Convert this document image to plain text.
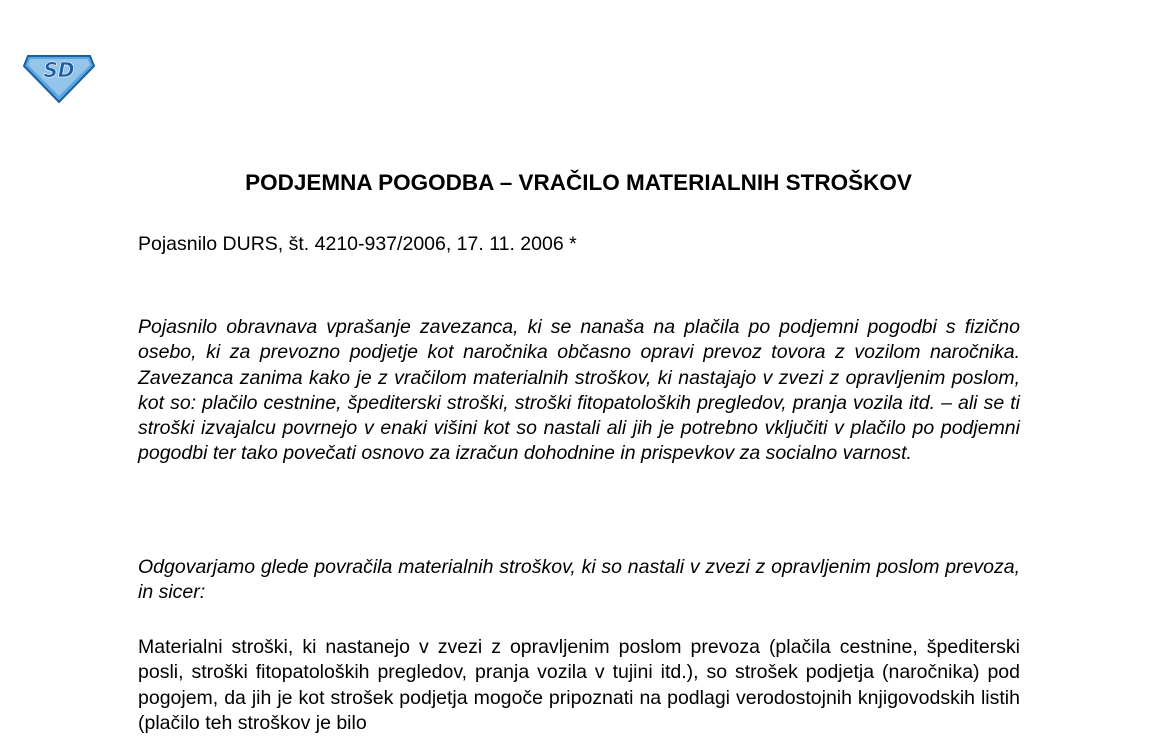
SD
PODJEMNA POGODBA – VRAČILO MATERIALNIH STROŠKOV

Pojasnilo DURS, št. 4210-937/2006, 17. 11. 2006 *

Pojasnilo obravnava vprašanje zavezanca, ki se nanaša na plačila po podjemni pogodbi s fizično osebo, ki za prevozno podjetje kot naročnika občasno opravi prevoz tovora z vozilom naročnika. Zavezanca zanima kako je z vračilom materialnih stroškov, ki nastajajo v zvezi z opravljenim poslom, kot so: plačilo cestnine, špediterski stroški, stroški fitopatoloških pregledov, pranja vozila itd. – ali se ti stroški izvajalcu povrnejo v enaki višini kot so nastali ali jih je potrebno vključiti v plačilo po podjemni pogodbi ter tako povečati osnovo za izračun dohodnine in prispevkov za socialno varnost.

Odgovarjamo glede povračila materialnih stroškov, ki so nastali v zvezi z opravljenim poslom prevoza, in sicer:

Materialni stroški, ki nastanejo v zvezi z opravljenim poslom prevoza (plačila cestnine, špediterski posli, stroški fitopatoloških pregledov, pranja vozila v tujini itd.), so strošek podjetja (naročnika) pod pogojem, da jih je kot strošek podjetja mogoče pripoznati na podlagi verodostojnih knjigovodskih listih (plačilo teh stroškov je bilo
